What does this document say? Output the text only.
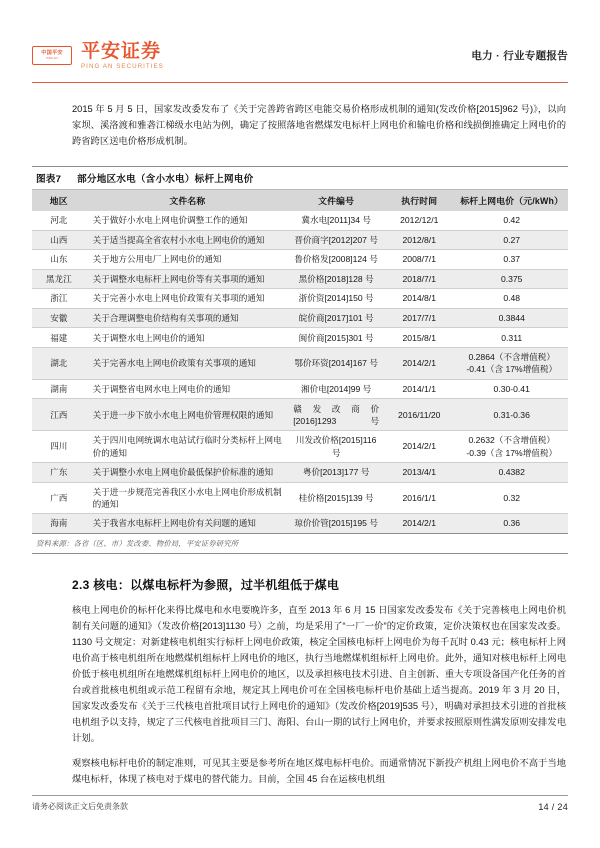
中国平安
PING AN 平安证券
PING AN SECURITIES
电力 · 行业专题报告
2015 年 5 月 5 日，国家发改委发布了《关于完善跨省跨区电能交易价格形成机制的通知(发改价格[2015]962 号)》，以向家坝、溪洛渡和雅砻江梯级水电站为例，确定了按照落地省燃煤发电标杆上网电价和输电价格和线损倒推确定上网电价的跨省跨区送电价格形成机制。
图表7 部分地区水电（含小水电）标杆上网电价
地区	文件名称	文件编号	执行时间	标杆上网电价（元/kWh）
河北	关于做好小水电上网电价调整工作的通知	冀水电[2011]34 号	2012/12/1	0.42
山西	关于适当提高全省农村小水电上网电价的通知	晋价商字[2012]207 号	2012/8/1	0.27
山东	关于地方公用电厂上网电价的通知	鲁价格发[2008]124 号	2008/7/1	0.37
黑龙江	关于调整水电标杆上网电价等有关事项的通知	黑价格[2018]128 号	2018/7/1	0.375
浙江	关于完善小水电上网电价政策有关事项的通知	浙价资[2014]150 号	2014/8/1	0.48
安徽	关于合理调整电价结构有关事项的通知	皖价商[2017]101 号	2017/7/1	0.3844
福建	关于调整水电上网电价的通知	闽价商[2015]301 号	2015/8/1	0.311
湖北	关于完善水电上网电价政策有关事项的通知	鄂价环资[2014]167 号	2014/2/1	0.2864（不含增值税）
-0.41（含 17%增值税）

湖南	关于调整省电网水电上网电价的通知	湘价电[2014]99 号	2014/1/1	0.30-0.41
江西	关于进一步下放小水电上网电价管理权限的通知	赣发改商价[2016]1293 号	2016/11/20	0.31-0.36
四川	关于四川电网统调水电站试行临时分类标杆上网电价的通知	川发改价格[2015]116 号	2014/2/1	0.2632（不含增值税）
-0.39（含 17%增值税）

广东	关于调整小水电上网电价最低保护价标准的通知	粤价[2013]177 号	2013/4/1	0.4382
广西	关于进一步规范完善我区小水电上网电价形成机制的通知	桂价格[2015]139 号	2016/1/1	0.32
海南	关于我省水电标杆上网电价有关问题的通知	琼价价管[2015]195 号	2014/2/1	0.36
资料来源：各省（区、市）发改委、物价局，平安证券研究所
2.3 核电：以煤电标杆为参照，过半机组低于煤电
核电上网电价的标杆化来得比煤电和水电要晚许多，直至 2013 年 6 月 15 日国家发改委发布《关于完善核电上网电价机制有关问题的通知》（发改价格[2013]1130 号）之前，均是采用了“一厂一价”的定价政策，定价决策权也在国家发改委。1130 号文规定：对新建核电机组实行标杆上网电价政策，核定全国核电标杆上网电价为每千瓦时 0.43 元；核电标杆上网电价高于核电机组所在地燃煤机组标杆上网电价的地区，执行当地燃煤机组标杆上网电价。此外，通知对核电标杆上网电价低于核电机组所在地燃煤机组标杆上网电价的地区，以及承担核电技术引进、自主创新、重大专项设备国产化任务的首台或首批核电机组或示范工程留有余地，规定其上网电价可在全国核电标杆电价基础上适当提高。2019 年 3 月 20 日，国家发改委发布《关于三代核电首批项目试行上网电价的通知》（发改价格[2019]535 号），明确对承担技术引进的首批核电机组予以支持，规定了三代核电首批项目三门、海阳、台山一期的试行上网电价，并要求按照原则性满发原则安排发电计划。
观察核电标杆电价的制定准则，可见其主要是参考所在地区煤电标杆电价。而通常情况下新投产机组上网电价不高于当地煤电标杆，体现了核电对于煤电的替代能力。目前，全国 45 台在运核电机组
请务必阅读正文后免责条款	14 / 24
